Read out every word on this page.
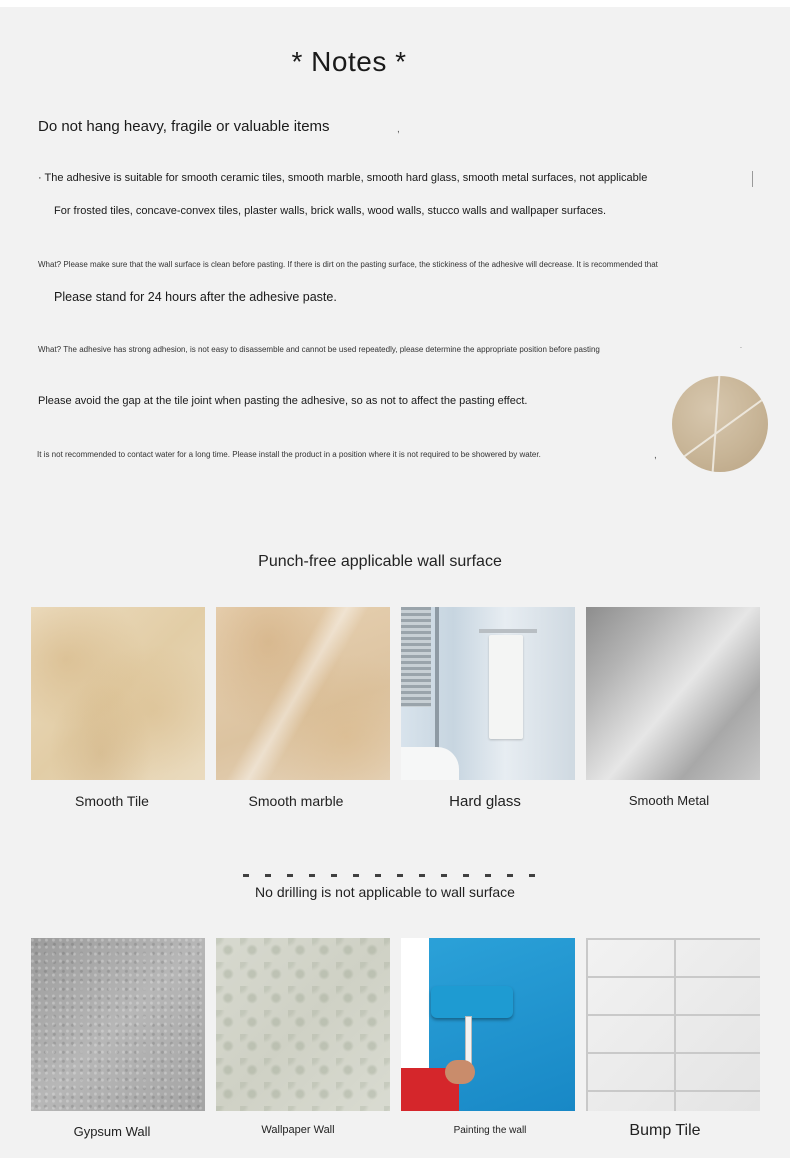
* Notes *
Do not hang heavy, fragile or valuable items	,
· The adhesive is suitable for smooth ceramic tiles, smooth marble, smooth hard glass, smooth metal surfaces, not applicable
For frosted tiles, concave-convex tiles, plaster walls, brick walls, wood walls, stucco walls and wallpaper surfaces.
What? Please make sure that the wall surface is clean before pasting. If there is dirt on the pasting surface, the stickiness of the adhesive will decrease. It is recommended that
Please stand for 24 hours after the adhesive paste.
What? The adhesive has strong adhesion, is not easy to disassemble and cannot be used repeatedly, please determine the appropriate position before pasting	.
Please avoid the gap at the tile joint when pasting the adhesive, so as not to affect the pasting effect.
It is not recommended to contact water for a long time. Please install the product in a position where it is not required to be showered by water.	,
Punch-free applicable wall surface
Smooth Tile	Smooth marble	Hard glass	Smooth Metal
No drilling is not applicable to wall surface
Gypsum Wall	Wallpaper Wall	Painting the wall	Bump Tile
